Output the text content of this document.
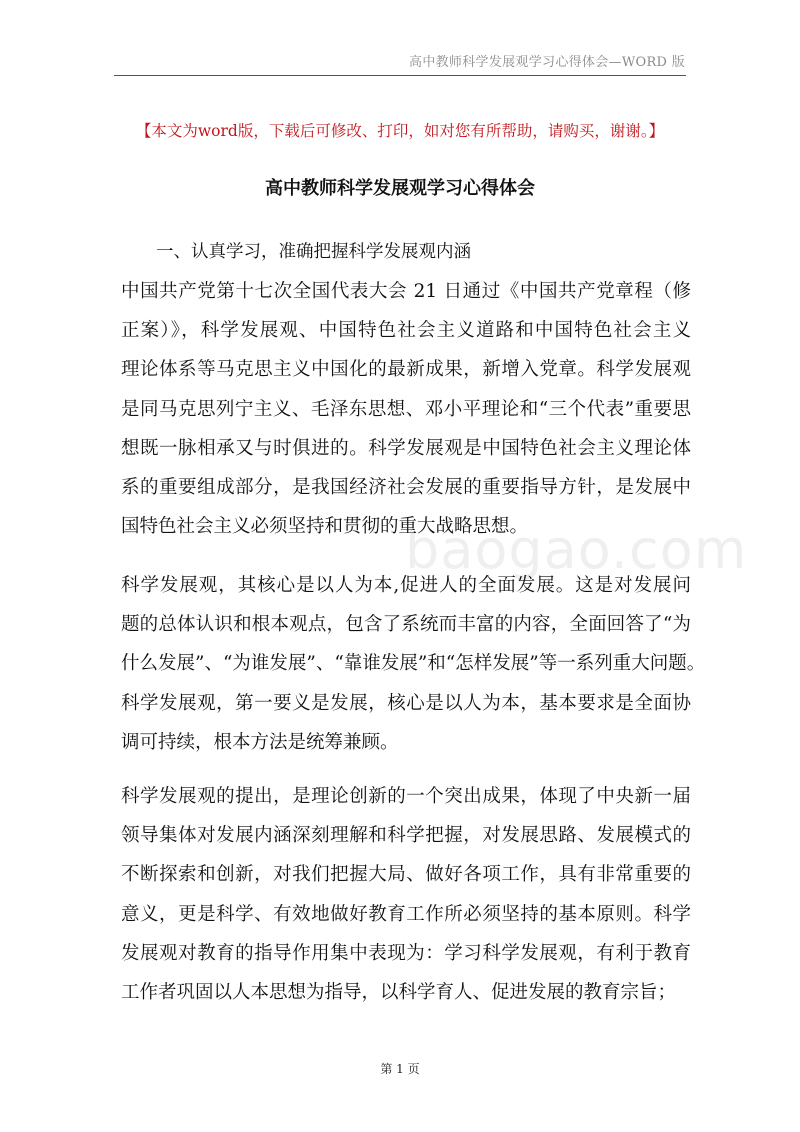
高中教师科学发展观学习心得体会—WORD 版
【本文为word版，下载后可修改、打印，如对您有所帮助，请购买，谢谢。】
高中教师科学发展观学习心得体会
一、认真学习，准确把握科学发展观内涵
中国共产党第十七次全国代表大会 21 日通过《中国共产党章程（修
正案）》，科学发展观、中国特色社会主义道路和中国特色社会主义
理论体系等马克思主义中国化的最新成果，新增入党章。科学发展观
是同马克思列宁主义、毛泽东思想、邓小平理论和“三个代表”重要思
想既一脉相承又与时俱进的。科学发展观是中国特色社会主义理论体
系的重要组成部分，是我国经济社会发展的重要指导方针，是发展中
国特色社会主义必须坚持和贯彻的重大战略思想。
科学发展观，其核心是以人为本,促进人的全面发展。这是对发展问
题的总体认识和根本观点，包含了系统而丰富的内容，全面回答了“为
什么发展”、“为谁发展”、“靠谁发展”和“怎样发展”等一系列重大问题。
科学发展观，第一要义是发展，核心是以人为本，基本要求是全面协
调可持续，根本方法是统筹兼顾。
科学发展观的提出，是理论创新的一个突出成果，体现了中央新一届
领导集体对发展内涵深刻理解和科学把握，对发展思路、发展模式的
不断探索和创新，对我们把握大局、做好各项工作，具有非常重要的
意义，更是科学、有效地做好教育工作所必须坚持的基本原则。科学
发展观对教育的指导作用集中表现为：学习科学发展观，有利于教育
工作者巩固以人本思想为指导，以科学育人、促进发展的教育宗旨；
baogao.com
第 1 页
